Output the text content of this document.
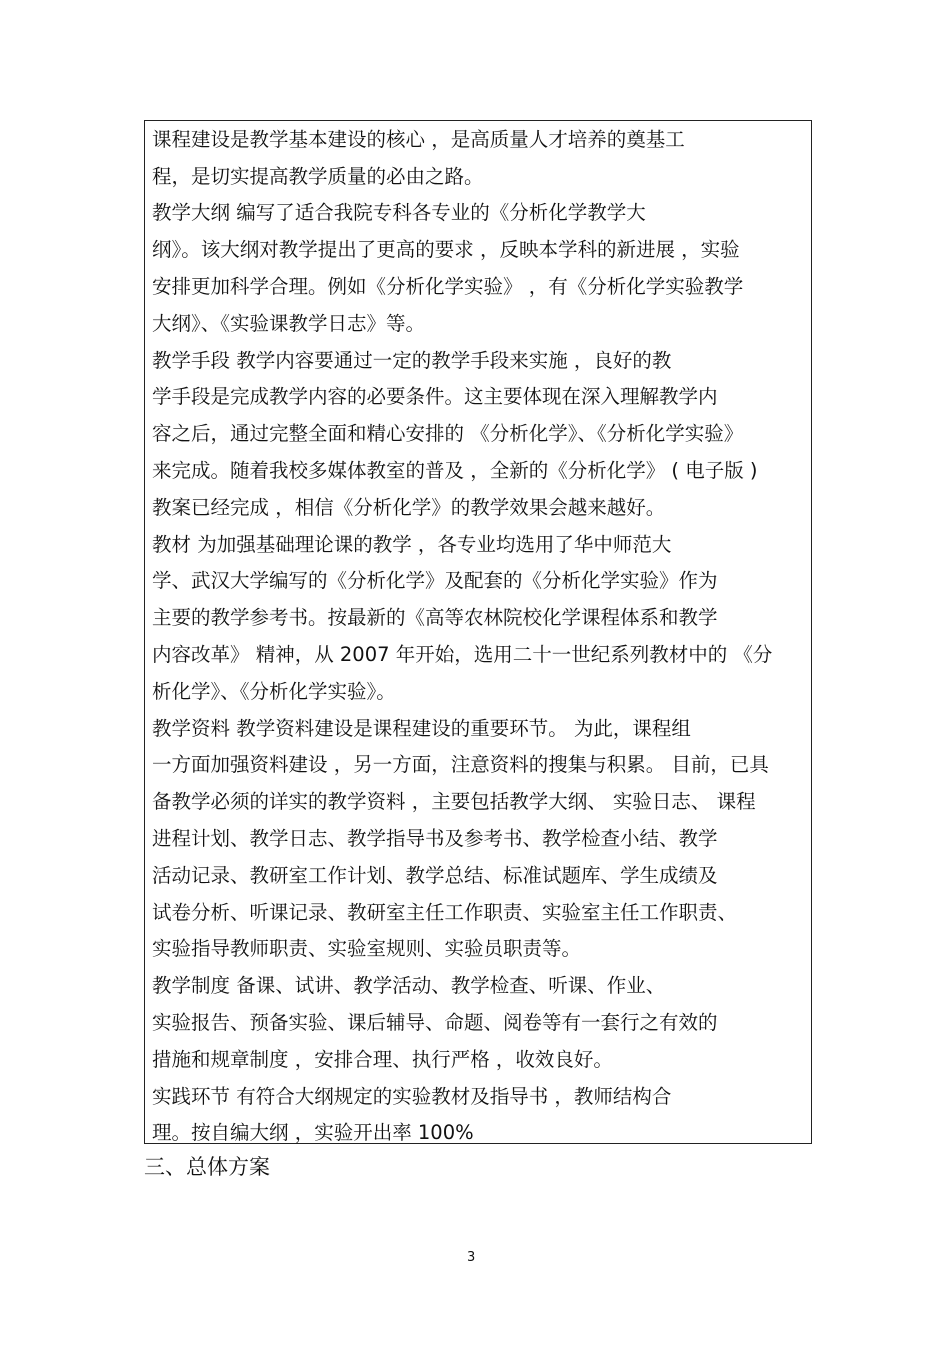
课程建设是教学基本建设的核心 ，是高质量人才培养的奠基工
程，是切实提高教学质量的必由之路。
教学大纲 编写了适合我院专科各专业的《分析化学教学大
纲》。该大纲对教学提出了更高的要求 ，反映本学科的新进展 ，实验
安排更加科学合理。例如《分析化学实验》 ，有《分析化学实验教学
大纲》、《实验课教学日志》等。
教学手段 教学内容要通过一定的教学手段来实施 ，良好的教
学手段是完成教学内容的必要条件。这主要体现在深入理解教学内
容之后，通过完整全面和精心安排的 《分析化学》、《分析化学实验》
来完成。随着我校多媒体教室的普及 ，全新的《分析化学》 ( 电子版 )
教案已经完成 ，相信《分析化学》的教学效果会越来越好。
教材 为加强基础理论课的教学 ，各专业均选用了华中师范大
学、武汉大学编写的《分析化学》及配套的《分析化学实验》作为
主要的教学参考书。按最新的《高等农林院校化学课程体系和教学
内容改革》 精神，从 2007 年开始，选用二十一世纪系列教材中的 《分
析化学》、《分析化学实验》。
教学资料 教学资料建设是课程建设的重要环节。 为此，课程组
一方面加强资料建设 ，另一方面，注意资料的搜集与积累。 目前，已具
备教学必须的详实的教学资料 ，主要包括教学大纲、 实验日志、 课程
进程计划、教学日志、教学指导书及参考书、教学检查小结、教学
活动记录、教研室工作计划、教学总结、标准试题库、学生成绩及
试卷分析、听课记录、教研室主任工作职责、实验室主任工作职责、
实验指导教师职责、实验室规则、实验员职责等。
教学制度 备课、试讲、教学活动、教学检查、听课、作业、
实验报告、预备实验、课后辅导、命题、阅卷等有一套行之有效的
措施和规章制度 ，安排合理、执行严格 ，收效良好。
实践环节 有符合大纲规定的实验教材及指导书 ，教师结构合
理。按自编大纲 ，实验开出率 100%
三、总体方案
3
